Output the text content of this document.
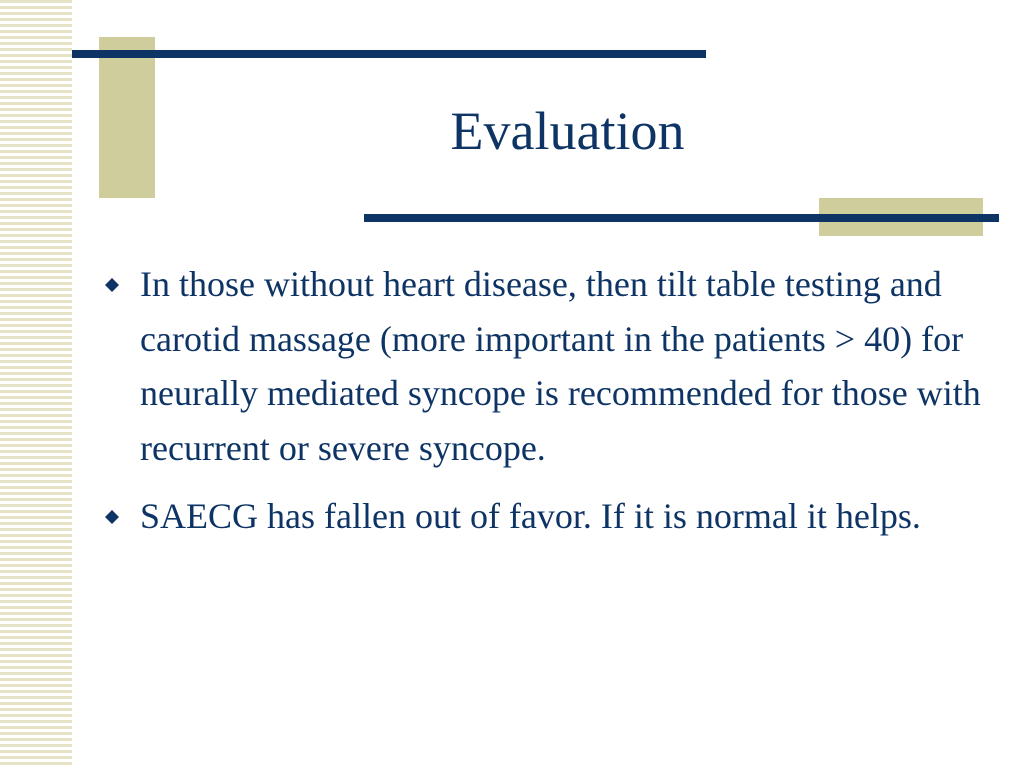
Evaluation
In those without heart disease, then tilt table testing and carotid massage (more important in the patients > 40) for neurally mediated syncope is recommended for those with recurrent or severe syncope.
SAECG has fallen out of favor. If it is normal it helps.
